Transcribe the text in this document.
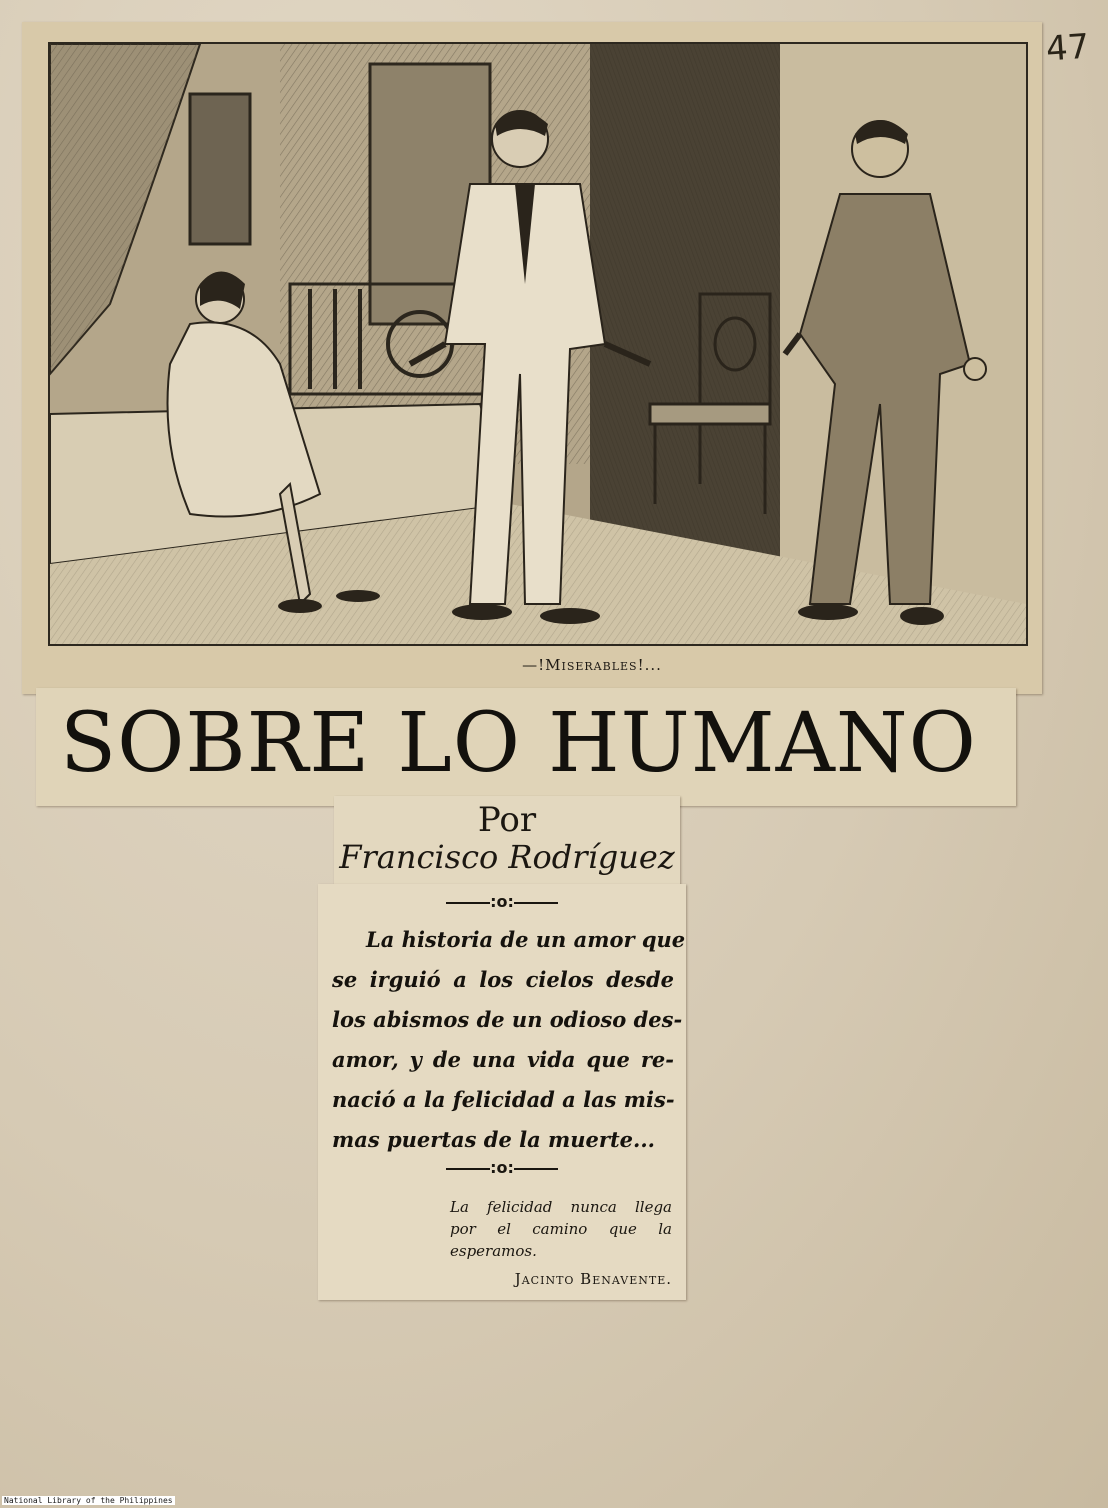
47
—!Miserables!...
SOBRE LO HUMANO
Por
Francisco Rodríguez
:o:
La historia de un amor que
se irguió a los cielos desde
los abismos de un odioso des-
amor, y de una vida que re-
nació a la felicidad a las mis-
mas puertas de la muerte...
:o:
La felicidad nunca llega
por el camino que la
esperamos.
Jacinto Benavente.
National Library of the Philippines
